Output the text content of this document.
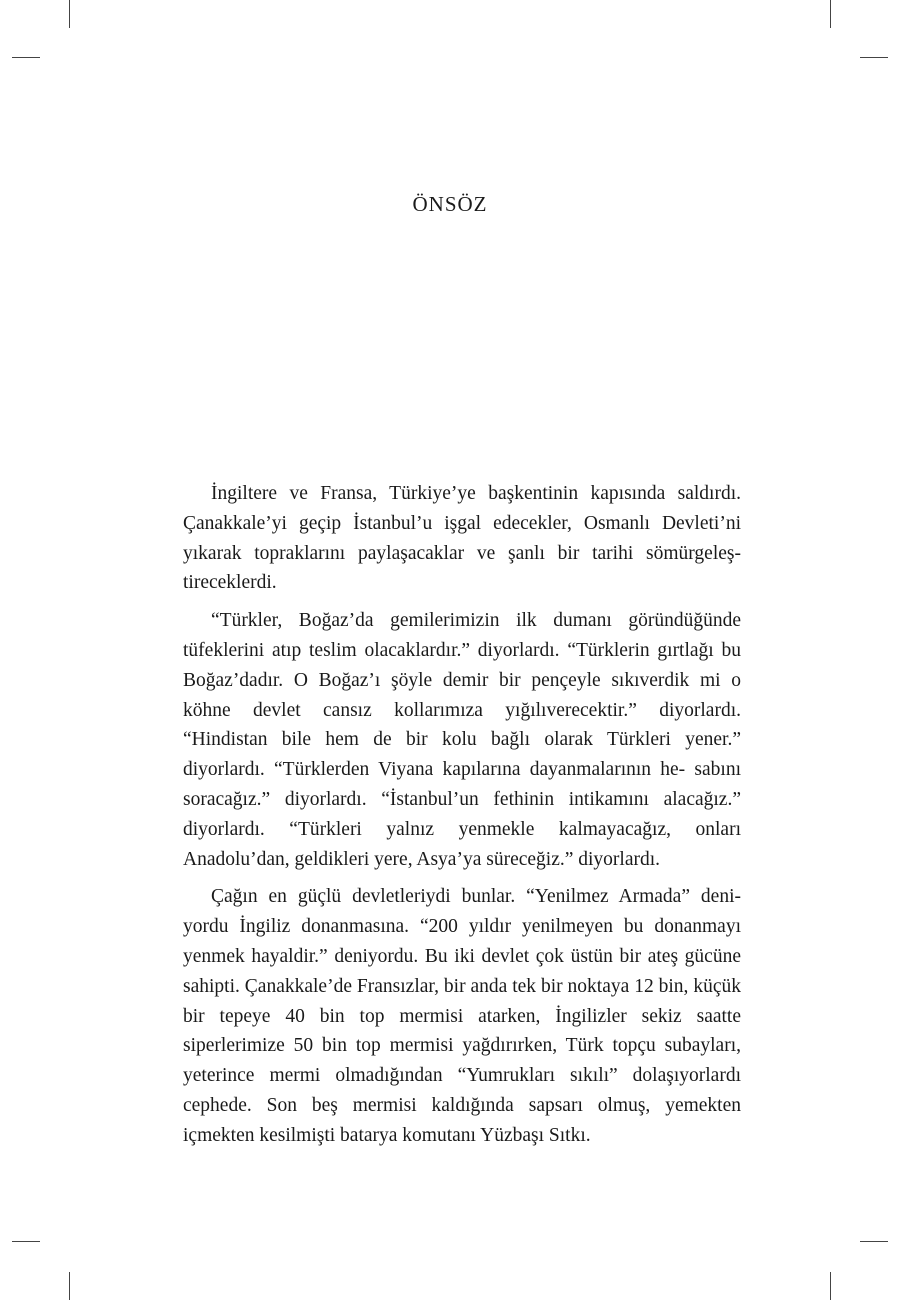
ÖNSÖZ

İngiltere ve Fransa, Türkiye’ye başkentinin kapısında saldırdı. Çanakkale’yi geçip İstanbul’u işgal edecekler, Osmanlı Devleti’ni yıkarak topraklarını paylaşacaklar ve şanlı bir tarihi sömürgeleş- tireceklerdi.

“Türkler, Boğaz’da gemilerimizin ilk dumanı göründüğünde tüfeklerini atıp teslim olacaklardır.” diyorlardı. “Türklerin gırtlağı bu Boğaz’dadır. O Boğaz’ı şöyle demir bir pençeyle sıkıverdik mi o köhne devlet cansız kollarımıza yığılıverecektir.” diyorlardı. “Hindistan bile hem de bir kolu bağlı olarak Türkleri yener.” diyorlardı. “Türklerden Viyana kapılarına dayanmalarının he- sabını soracağız.” diyorlardı. “İstanbul’un fethinin intikamını alacağız.” diyorlardı. “Türkleri yalnız yenmekle kalmayacağız, onları Anadolu’dan, geldikleri yere, Asya’ya süreceğiz.” diyorlardı.

Çağın en güçlü devletleriydi bunlar. “Yenilmez Armada” deni- yordu İngiliz donanmasına. “200 yıldır yenilmeyen bu donanmayı yenmek hayaldir.” deniyordu. Bu iki devlet çok üstün bir ateş gücüne sahipti. Çanakkale’de Fransızlar, bir anda tek bir noktaya 12 bin, küçük bir tepeye 40 bin top mermisi atarken, İngilizler sekiz saatte siperlerimize 50 bin top mermisi yağdırırken, Türk topçu subayları, yeterince mermi olmadığından “Yumrukları sıkılı” dolaşıyorlardı cephede. Son beş mermisi kaldığında sapsarı olmuş, yemekten içmekten kesilmişti batarya komutanı Yüzbaşı Sıtkı.
